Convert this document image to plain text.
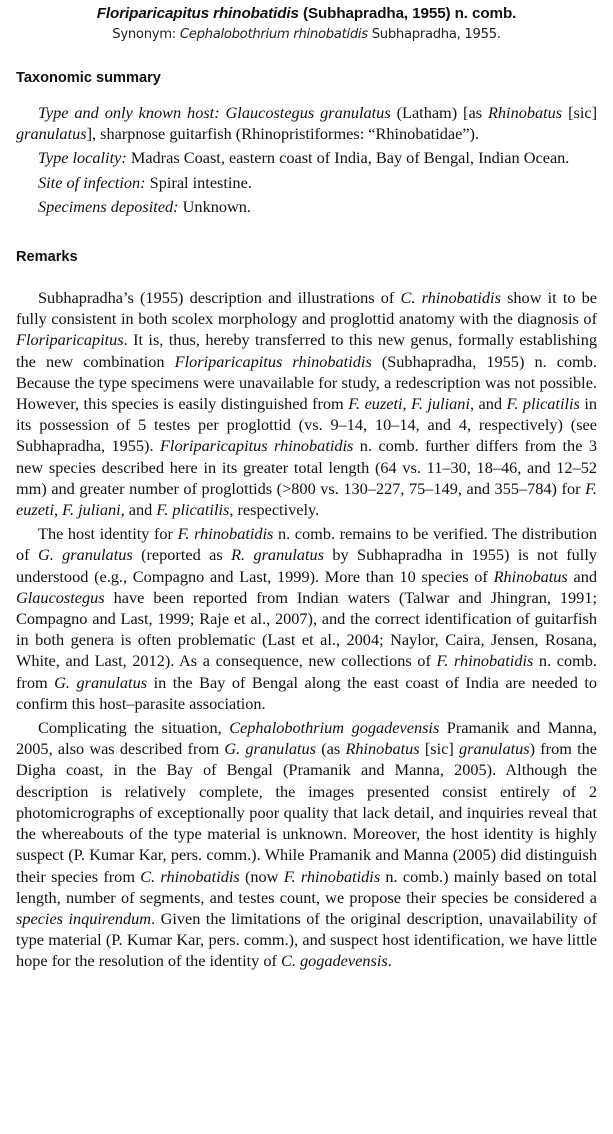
Floriparicapitus rhinobatidis (Subhapradha, 1955) n. comb.

Synonym: Cephalobothrium rhinobatidis Subhapradha, 1955.

Taxonomic summary

Type and only known host: Glaucostegus granulatus (Latham) [as Rhinobatus [sic] granulatus], sharpnose guitarfish (Rhinopristiformes: “Rhinobatidae”).

Type locality: Madras Coast, eastern coast of India, Bay of Bengal, Indian Ocean.

Site of infection: Spiral intestine.

Specimens deposited: Unknown.

Remarks

Subhapradha’s (1955) description and illustrations of C. rhinobatidis show it to be fully consistent in both scolex morphology and proglottid anatomy with the diagnosis of Floriparicapitus. It is, thus, hereby transferred to this new genus, formally establishing the new combination Floriparicapitus rhinobatidis (Subhapradha, 1955) n. comb. Because the type specimens were unavailable for study, a redescription was not possible. However, this species is easily distinguished from F. euzeti, F. juliani, and F. plicatilis in its possession of 5 testes per proglottid (vs. 9–14, 10–14, and 4, respectively) (see Subhapradha, 1955). Floriparicapitus rhinobatidis n. comb. further differs from the 3 new species described here in its greater total length (64 vs. 11–30, 18–46, and 12–52 mm) and greater number of proglottids (>800 vs. 130–227, 75–149, and 355–784) for F. euzeti, F. juliani, and F. plicatilis, respectively.

The host identity for F. rhinobatidis n. comb. remains to be verified. The distribution of G. granulatus (reported as R. granulatus by Subhapradha in 1955) is not fully understood (e.g., Compagno and Last, 1999). More than 10 species of Rhinobatus and Glaucostegus have been reported from Indian waters (Talwar and Jhingran, 1991; Compagno and Last, 1999; Raje et al., 2007), and the correct identification of guitarfish in both genera is often problematic (Last et al., 2004; Naylor, Caira, Jensen, Rosana, White, and Last, 2012). As a consequence, new collections of F. rhinobatidis n. comb. from G. granulatus in the Bay of Bengal along the east coast of India are needed to confirm this host–parasite association.

Complicating the situation, Cephalobothrium gogadevensis Pramanik and Manna, 2005, also was described from G. granulatus (as Rhinobatus [sic] granulatus) from the Digha coast, in the Bay of Bengal (Pramanik and Manna, 2005). Although the description is relatively complete, the images presented consist entirely of 2 photomicrographs of exceptionally poor quality that lack detail, and inquiries reveal that the whereabouts of the type material is unknown. Moreover, the host identity is highly suspect (P. Kumar Kar, pers. comm.). While Pramanik and Manna (2005) did distinguish their species from C. rhinobatidis (now F. rhinobatidis n. comb.) mainly based on total length, number of segments, and testes count, we propose their species be considered a species inquirendum. Given the limitations of the original description, unavailability of type material (P. Kumar Kar, pers. comm.), and suspect host identification, we have little hope for the resolution of the identity of C. gogadevensis.
